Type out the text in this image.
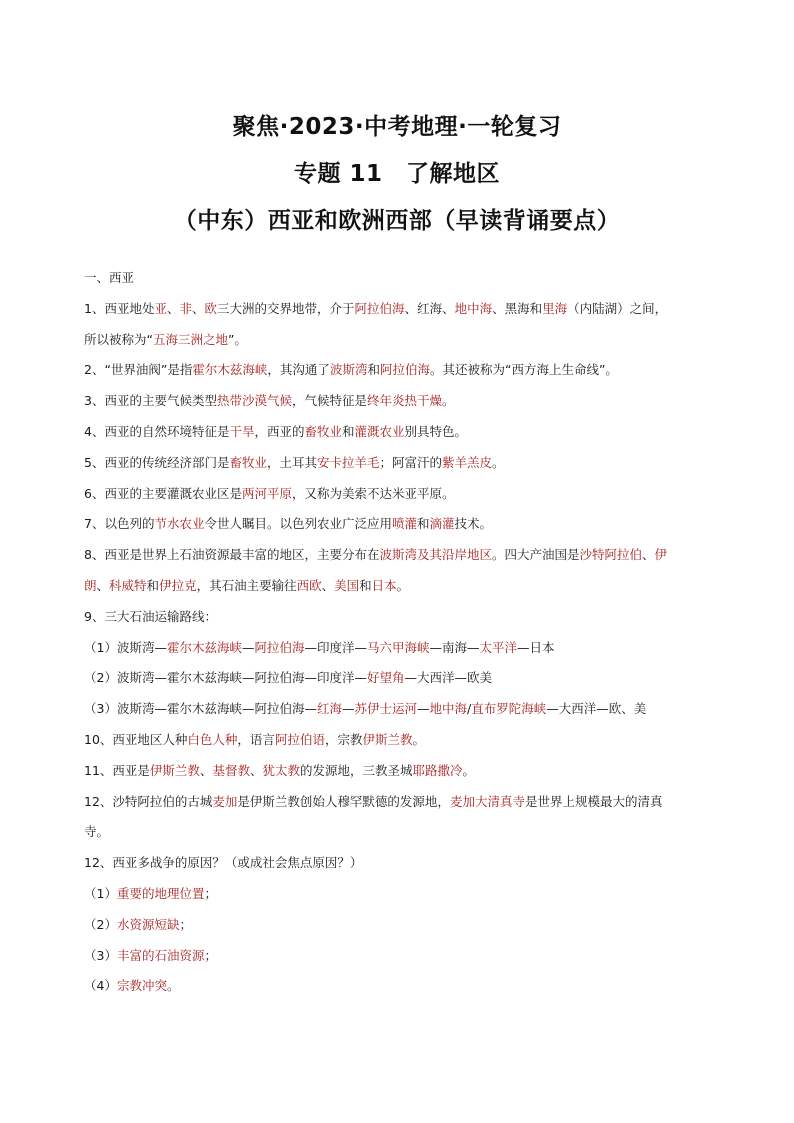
聚焦·2023·中考地理·一轮复习
专题 11　了解地区
（中东）西亚和欧洲西部（早读背诵要点）
一、西亚
1、西亚地处亚、非、欧三大洲的交界地带，介于阿拉伯海、红海、地中海、黑海和里海（内陆湖）之间，
所以被称为“五海三洲之地”。
2、“世界油阀”是指霍尔木兹海峡，其沟通了波斯湾和阿拉伯海。其还被称为“西方海上生命线”。
3、西亚的主要气候类型热带沙漠气候，气候特征是终年炎热干燥。
4、西亚的自然环境特征是干旱，西亚的畜牧业和灌溉农业别具特色。
5、西亚的传统经济部门是畜牧业，土耳其安卡拉羊毛；阿富汗的紫羊羔皮。
6、西亚的主要灌溉农业区是两河平原，又称为美索不达米亚平原。
7、以色列的节水农业令世人瞩目。以色列农业广泛应用喷灌和滴灌技术。
8、西亚是世界上石油资源最丰富的地区，主要分布在波斯湾及其沿岸地区。四大产油国是沙特阿拉伯、伊
朗、科威特和伊拉克，其石油主要输往西欧、美国和日本。
9、三大石油运输路线：
（1）波斯湾—霍尔木兹海峡—阿拉伯海—印度洋—马六甲海峡—南海—太平洋—日本
（2）波斯湾—霍尔木兹海峡—阿拉伯海—印度洋—好望角—大西洋—欧美
（3）波斯湾—霍尔木兹海峡—阿拉伯海—红海—苏伊士运河—地中海/直布罗陀海峡—大西洋—欧、美
10、西亚地区人种白色人种，语言阿拉伯语，宗教伊斯兰教。
11、西亚是伊斯兰教、基督教、犹太教的发源地，三教圣城耶路撒冷。
12、沙特阿拉伯的古城麦加是伊斯兰教创始人穆罕默德的发源地，麦加大清真寺是世界上规模最大的清真
寺。
12、西亚多战争的原因？（或成社会焦点原因？）
（1）重要的地理位置；
（2）水资源短缺；
（3）丰富的石油资源；
（4）宗教冲突。
